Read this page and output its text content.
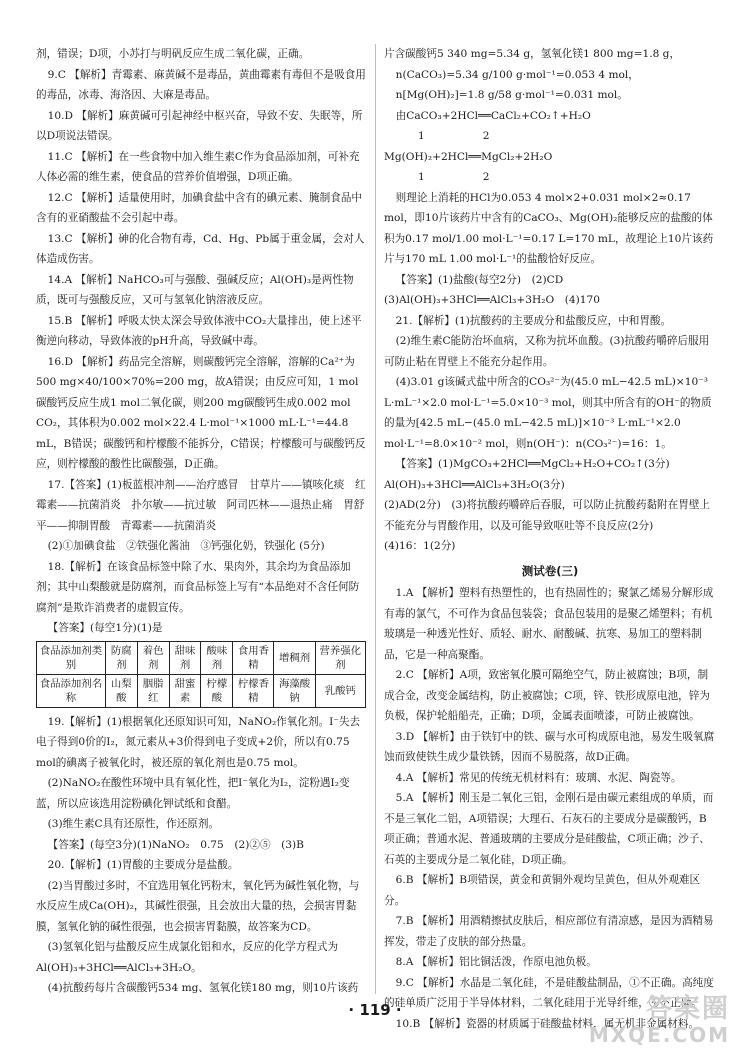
剂，错误；D项，小苏打与明矾反应生成二氧化碳，正确。

9.C 【解析】青霉素、麻黄碱不是毒品，黄曲霉素有毒但不是吸食用的毒品，冰毒、海洛因、大麻是毒品。

10.D 【解析】麻黄碱可引起神经中枢兴奋，导致不安、失眠等，所以D项说法错误。

11.C 【解析】在一些食物中加入维生素C作为食品添加剂，可补充人体必需的维生素，使食品的营养价值增强，D项正确。

12.C 【解析】适量使用时，加碘食盐中含有的碘元素、腌制食品中含有的亚硝酸盐不会引起中毒。

13.C 【解析】砷的化合物有毒，Cd、Hg、Pb属于重金属，会对人体造成伤害。

14.A 【解析】NaHCO₃可与强酸、强碱反应；Al(OH)₃是两性物质，既可与强酸反应，又可与氢氧化钠溶液反应。

15.B 【解析】呼吸太快太深会导致体液中CO₂大量排出，使上述平衡逆向移动，导致体液的pH升高，导致碱中毒。

16.D 【解析】药品完全溶解，则碳酸钙完全溶解，溶解的Ca²⁺为500 mg×40/100×70%=200 mg，故A错误；由反应可知，1 mol碳酸钙反应生成1 mol二氧化碳，则200 mg碳酸钙生成0.002 mol CO₂，其体积为0.002 mol×22.4 L·mol⁻¹×1000 mL·L⁻¹=44.8 mL，B错误；碳酸钙和柠檬酸不能拆分，C错误；柠檬酸可与碳酸钙反应，则柠檬酸的酸性比碳酸强，D正确。

17.【答案】(1)板蓝根冲剂——治疗感冒　甘草片——镇咳化痰　红霉素——抗菌消炎　扑尔敏——抗过敏　阿司匹林——退热止痛　胃舒平——抑制胃酸　青霉素——抗菌消炎

(2)①加碘食盐　②铁强化酱油　③钙强化奶，铁强化 (5分)

18.【解析】在该食品标签中除了水、果肉外，其余均为食品添加剂；其中山梨酸就是防腐剂，而食品标签上写有“本品绝对不含任何防腐剂”是欺诈消费者的虚假宣传。

【答案】(每空1分)(1)是

食品添加剂类别	防腐剂	着色剂	甜味剂	酸味剂	食用香精	增稠剂	营养强化剂
食品添加剂名称	山梨酸	胭脂红	甜蜜素	柠檬酸	柠檬香精	海藻酸钠	乳酸钙

19.【解析】(1)根据氧化还原知识可知，NaNO₂作氧化剂。I⁻失去电子得到0价的I₂，氮元素从+3价得到电子变成+2价，所以有0.75 mol的碘离子被氧化时，被还原的氧化剂也是0.75 mol。

(2)NaNO₂在酸性环境中具有氧化性，把I⁻氧化为I₂，淀粉遇I₂变蓝，所以应该选用淀粉碘化钾试纸和食醋。

(3)维生素C具有还原性，作还原剂。

【答案】(每空3分)(1)NaNO₂　0.75　(2)②⑤　(3)B

20.【解析】(1)胃酸的主要成分是盐酸。

(2)当胃酸过多时，不宜选用氧化钙粉末，氧化钙为碱性氧化物，与水反应生成Ca(OH)₂，其碱性很强，且会放出大量的热，会损害胃黏膜，氢氧化钠的碱性很强，也会损害胃黏膜，故答案为CD。

(3)氢氧化铝与盐酸反应生成氯化铝和水，反应的化学方程式为Al(OH)₃+3HCl══AlCl₃+3H₂O。

(4)抗酸药每片含碳酸钙534 mg、氢氧化镁180 mg，则10片该药

片含碳酸钙5 340 mg=5.34 g，氢氧化镁1 800 mg=1.8 g，

n(CaCO₃)=5.34 g/100 g·mol⁻¹=0.053 4 mol，

n[Mg(OH)₂]=1.8 g/58 g·mol⁻¹=0.031 mol。

由CaCO₃+2HCl══CaCl₂+CO₂↑+H₂O

1	2

Mg(OH)₂+2HCl══MgCl₂+2H₂O

1	2

则理论上消耗的HCl为0.053 4 mol×2+0.031 mol×2≈0.17 mol，即10片该药片中含有的CaCO₃、Mg(OH)₂能够反应的盐酸的体积为0.17 mol/1.00 mol·L⁻¹=0.17 L=170 mL，故理论上10片该药片与170 mL 1.00 mol·L⁻¹的盐酸恰好反应。

【答案】(1)盐酸(每空2分)　(2)CD　(3)Al(OH)₃+3HCl══AlCl₃+3H₂O　(4)170

21.【解析】(1)抗酸药的主要成分和盐酸反应，中和胃酸。

(2)维生素C能防治坏血病，又称为抗坏血酸。(3)抗酸药嚼碎后服用可防止粘在胃壁上不能充分起作用。

(4)3.01 g该碱式盐中所含的CO₃²⁻为(45.0 mL−42.5 mL)×10⁻³ L·mL⁻¹×2.0 mol·L⁻¹=5.0×10⁻³ mol，则其中所含有的OH⁻的物质的量为[42.5 mL−(45.0 mL−42.5 mL)]×10⁻³ L·mL⁻¹×2.0 mol·L⁻¹=8.0×10⁻² mol，则n(OH⁻)：n(CO₃²⁻)=16：1。

【答案】(1)MgCO₃+2HCl══MgCl₂+H₂O+CO₂↑(3分)

Al(OH)₃+3HCl══AlCl₃+3H₂O(3分)

(2)AD(2分)　(3)将抗酸药嚼碎后吞服，可以防止抗酸药黏附在胃壁上不能充分与胃酸作用，以及可能导致呕吐等不良反应(2分)

(4)16：1(2分)

测试卷(三)

1.A 【解析】塑料有热塑性的，也有热固性的；聚氯乙烯易分解形成有毒的氯气，不可作为食品包装袋；食品包装用的是聚乙烯塑料；有机玻璃是一种透光性好、质轻、耐水、耐酸碱、抗寒、易加工的塑料制品，它是一种高聚酯。

2.C 【解析】A项，致密氧化膜可隔绝空气，防止被腐蚀；B项，制成合金，改变金属结构，防止被腐蚀；C项，锌、铁形成原电池，锌为负极，保护轮船船壳，正确；D项，金属表面喷漆，可防止被腐蚀。

3.D 【解析】由于铁钉中的铁、碳与水可构成原电池，易发生吸氧腐蚀而致使铁生成少量铁锈，因而不易脱落，故D正确。

4.A 【解析】常见的传统无机材料有：玻璃、水泥、陶瓷等。

5.A 【解析】刚玉是二氧化三铝，金刚石是由碳元素组成的单质，而不是三氧化二铝，A项错误；大理石、石灰石的主要成分是碳酸钙，B项正确；普通水泥、普通玻璃的主要成分是硅酸盐，C项正确；沙子、石英的主要成分是二氧化硅，D项正确。

6.B 【解析】B项错误，黄金和黄铜外观均呈黄色，但从外观难区分。

7.B 【解析】用酒精擦拭皮肤后，相应部位有清凉感，是因为酒精易挥发，带走了皮肤的部分热量。

8.A 【解析】铝比铜活泼，作原电池负极。

9.C 【解析】水晶是二氧化硅，不是硅酸盐制品，①不正确。高纯度的硅单质广泛用于半导体材料，二氧化硅用于光导纤维，④不正确。

10.B 【解析】瓷器的材质属于硅酸盐材料，属无机非金属材料。

· 119 ·	答案圈
MXQE.COM
